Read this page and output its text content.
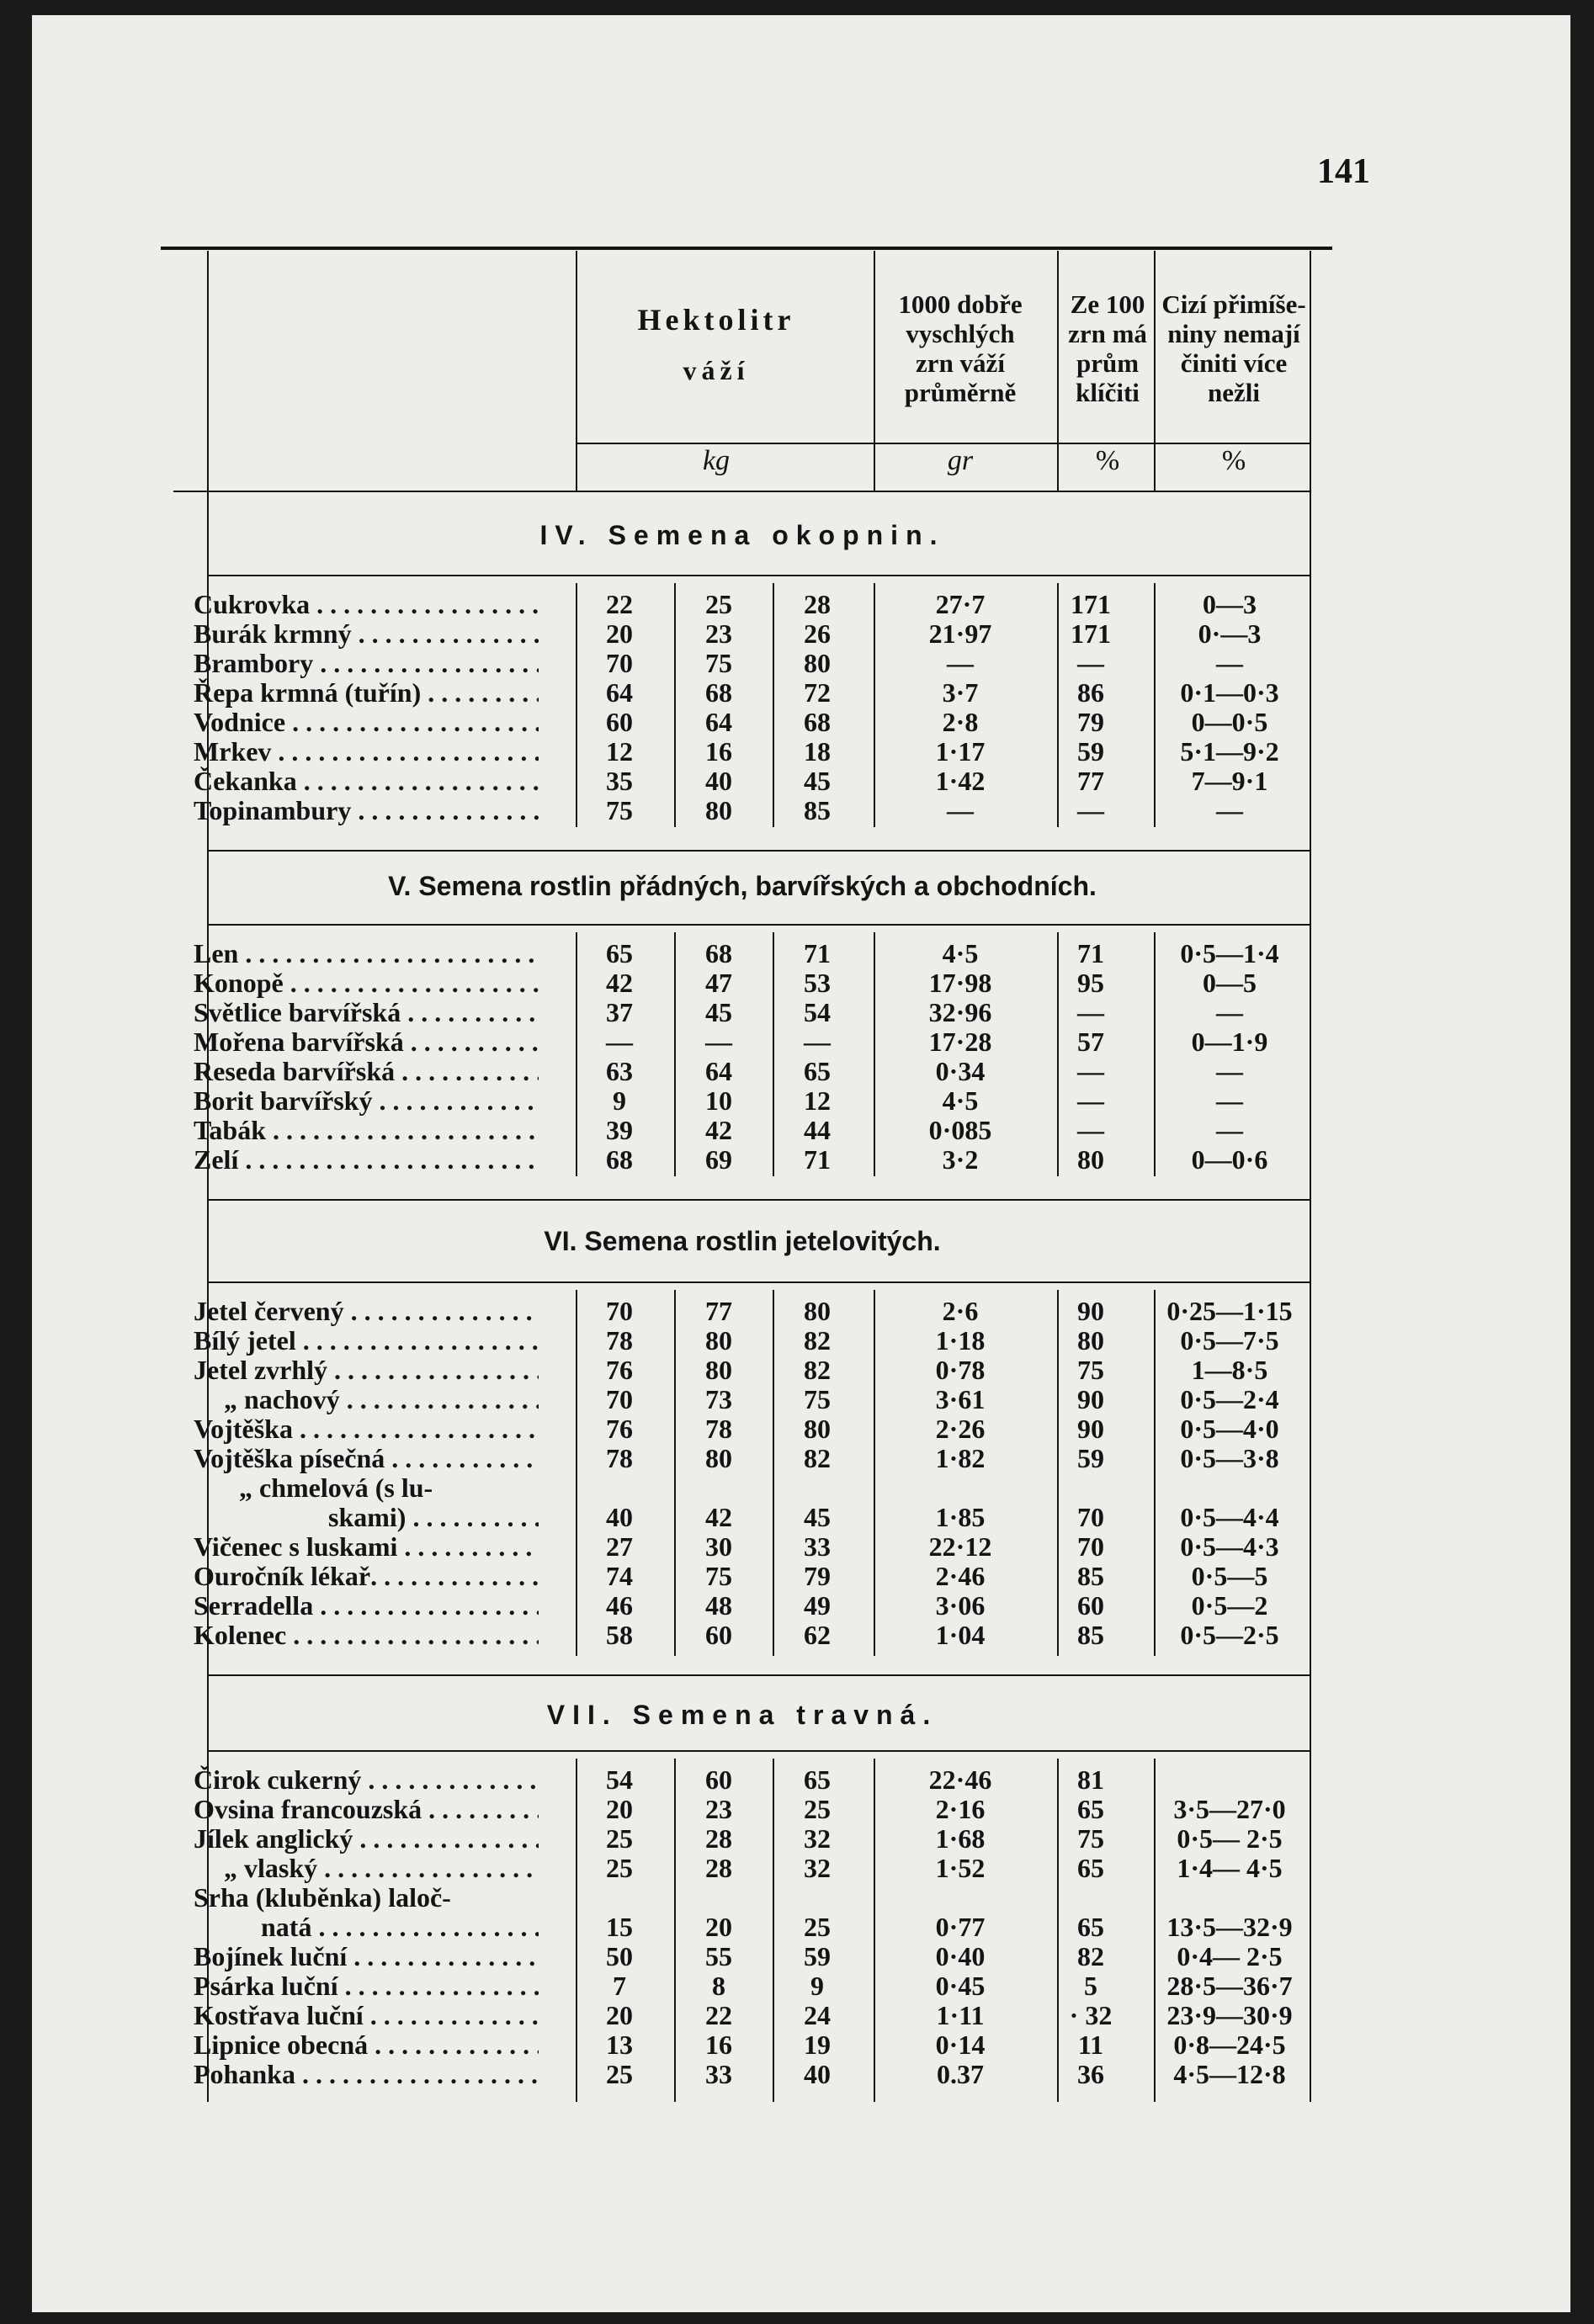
141
Hektolitr
váží
1000 dobře
vyschlých
zrn váží
průměrně
Ze 100
zrn má
prům
klíčiti
Cizí přimíše-
niny nemají
činiti více
nežli
kg	gr	%	%
IV. Semena okopnin.
Cukrovka . . .	22	25	28	27·7	171	0—3
Burák krmný . . .	20	23	26	21·97	171	0·—3
Brambory . . .	70	75	80	—	—	—
Řepa krmná (tuřín) . . .	64	68	72	3·7	86	0·1—0·3
Vodnice . . .	60	64	68	2·8	79	0—0·5
Mrkev . . .	12	16	18	1·17	59	5·1—9·2
Čekanka . . .	35	40	45	1·42	77	7—9·1
Topinambury . . .	75	80	85	—	—	—
V. Semena rostlin přádných, barvířských a obchodních.
Len . . .	65	68	71	4·5	71	0·5—1·4
Konopě . . .	42	47	53	17·98	95	0—5
Světlice barvířská . . .	37	45	54	32·96	—	—
Mořena barvířská . . .	—	—	—	17·28	57	0—1·9
Reseda barvířská . . .	63	64	65	0·34	—	—
Borit barvířský . . .	9	10	12	4·5	—	—
Tabák . . .	39	42	44	0·085	—	—
Zelí . . .	68	69	71	3·2	80	0—0·6
VI. Semena rostlin jetelovitých.
Jetel červený . . .	70	77	80	2·6	90	0·25—1·15
Bílý jetel . . .	78	80	82	1·18	80	0·5—7·5
Jetel zvrhlý . . .	76	80	82	0·78	75	1—8·5
„ nachový . . .	70	73	75	3·61	90	0·5—2·4
Vojtěška . . .	76	78	80	2·26	90	0·5—4·0
Vojtěška písečná . . .	78	80	82	1·82	59	0·5—3·8
„ chmelová (s lu-
skami) . . .	40	42	45	1·85	70	0·5—4·4
Vičenec s luskami . . .	27	30	33	22·12	70	0·5—4·3
Ouročník lékař. . . .	74	75	79	2·46	85	0·5—5
Serradella . . .	46	48	49	3·06	60	0·5—2
Kolenec . . .	58	60	62	1·04	85	0·5—2·5
VII. Semena travná.
Čirok cukerný . . .	54	60	65	22·46	81
Ovsina francouzská . . .	20	23	25	2·16	65	3·5—27·0
Jílek anglický . . .	25	28	32	1·68	75	0·5— 2·5
„ vlaský . . .	25	28	32	1·52	65	1·4— 4·5
Srha (kluběnka) laloč-
natá . . .	15	20	25	0·77	65	13·5—32·9
Bojínek luční . . .	50	55	59	0·40	82	0·4— 2·5
Psárka luční . . .	7	8	9	0·45	5	28·5—36·7
Kostřava luční . . .	20	22	24	1·11	· 32	23·9—30·9
Lipnice obecná . . .	13	16	19	0·14	11	0·8—24·5
Pohanka . . .	25	33	40	0.37	36	4·5—12·8
